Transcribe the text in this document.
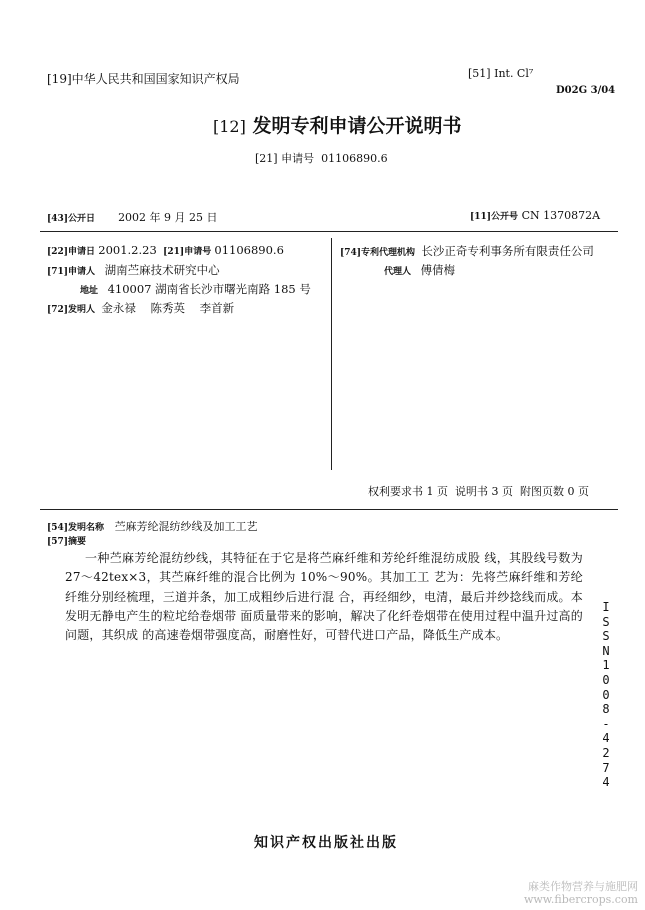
[19]中华人民共和国国家知识产权局	[51] Int. Cl⁷
D02G 3/04
[12] 发明专利申请公开说明书
[21] 申请号 01106890.6
[43]公开日 2002 年 9 月 25 日	[11]公开号 CN 1370872A
[22]申请日 2001.2.23 [21]申请号 01106890.6
[71]申请人 湖南苎麻技术研究中心
地址 410007 湖南省长沙市曙光南路 185 号
[72]发明人 金永禄    陈秀英    李首新
[74]专利代理机构 长沙正奇专利事务所有限责任公司
代理人 傅倩梅
权利要求书 1 页  说明书 3 页  附图页数 0 页
[54]发明名称 苎麻芳纶混纺纱线及加工工艺
[57]摘要

一种苎麻芳纶混纺纱线，其特征在于它是将苎麻纤维和芳纶纤维混纺成股 线，其股线号数为 27～42tex×3，其苎麻纤维的混合比例为 10%～90%。其加工工 艺为：先将苎麻纤维和芳纶纤维分别经梳理，三道并条，加工成粗纱后进行混 合，再经细纱，电清，最后并纱捻线而成。本发明无静电产生的粒坨给卷烟带 面质量带来的影响，解决了化纤卷烟带在使用过程中温升过高的问题，其织成 的高速卷烟带强度高，耐磨性好，可替代进口产品，降低生产成本。

I
S
S
N
1
0
0
8
-
4
2
7
4
知识产权出版社出版
麻类作物营养与施肥网
www.fibercrops.com
